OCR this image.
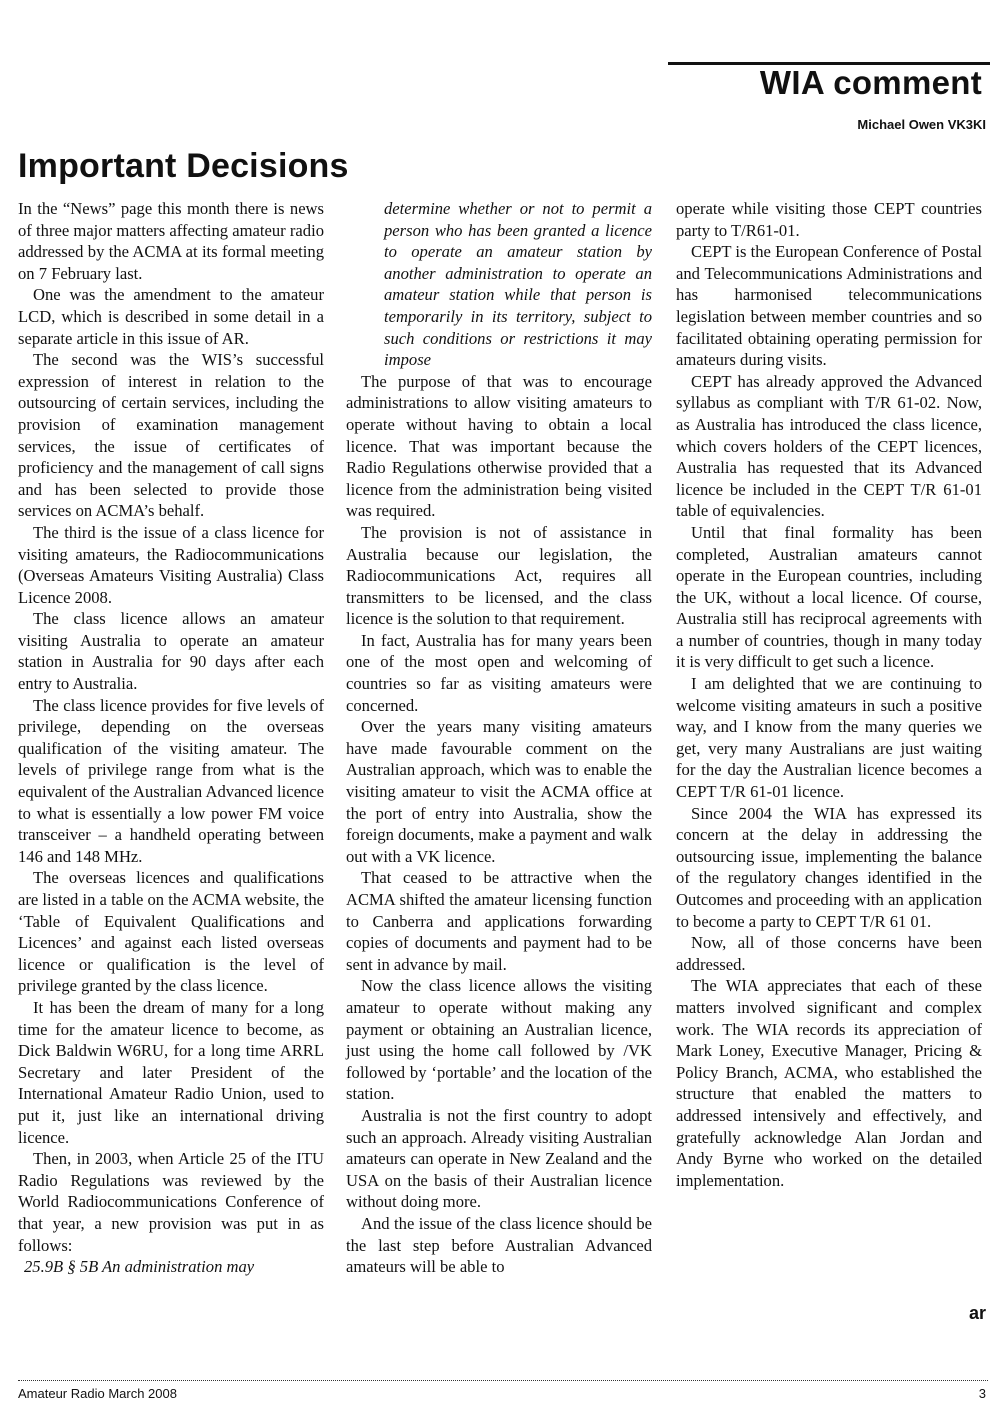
WIA comment
Michael Owen VK3KI
Important Decisions

In the “News” page this month there is news of three major matters affecting amateur radio addressed by the ACMA at its formal meeting on 7 February last.

One was the amendment to the amateur LCD, which is described in some detail in a separate article in this issue of AR.

The second was the WIS’s successful expression of interest in relation to the outsourcing of certain services, including the provision of examination management services, the issue of certificates of proficiency and the management of call signs and has been selected to provide those services on ACMA’s behalf.

The third is the issue of a class licence for visiting amateurs, the Radiocommunications (Overseas Amateurs Visiting Australia) Class Licence 2008.

The class licence allows an amateur visiting Australia to operate an amateur station in Australia for 90 days after each entry to Australia.

The class licence provides for five levels of privilege, depending on the overseas qualification of the visiting amateur. The levels of privilege range from what is the equivalent of the Australian Advanced licence to what is essentially a low power FM voice transceiver – a handheld operating between 146 and 148 MHz.

The overseas licences and qualifications are listed in a table on the ACMA website, the ‘Table of Equivalent Qualifications and Licences’ and against each listed overseas licence or qualification is the level of privilege granted by the class licence.

It has been the dream of many for a long time for the amateur licence to become, as Dick Baldwin W6RU, for a long time ARRL Secretary and later President of the International Amateur Radio Union, used to put it, just like an international driving licence.

Then, in 2003, when Article 25 of the ITU Radio Regulations was reviewed by the World Radiocommunications Conference of that year, a new provision was put in as follows:

25.9B § 5B An administration may

determine whether or not to permit a person who has been granted a licence to operate an amateur station by another administration to operate an amateur station while that person is temporarily in its territory, subject to such conditions or restrictions it may impose

The purpose of that was to encourage administrations to allow visiting amateurs to operate without having to obtain a local licence. That was important because the Radio Regulations otherwise provided that a licence from the administration being visited was required.

The provision is not of assistance in Australia because our legislation, the Radiocommunications Act, requires all transmitters to be licensed, and the class licence is the solution to that requirement.

In fact, Australia has for many years been one of the most open and welcoming of countries so far as visiting amateurs were concerned.

Over the years many visiting amateurs have made favourable comment on the Australian approach, which was to enable the visiting amateur to visit the ACMA office at the port of entry into Australia, show the foreign documents, make a payment and walk out with a VK licence.

That ceased to be attractive when the ACMA shifted the amateur licensing function to Canberra and applications forwarding copies of documents and payment had to be sent in advance by mail.

Now the class licence allows the visiting amateur to operate without making any payment or obtaining an Australian licence, just using the home call followed by /VK followed by ‘portable’ and the location of the station.

Australia is not the first country to adopt such an approach. Already visiting Australian amateurs can operate in New Zealand and the USA on the basis of their Australian licence without doing more.

And the issue of the class licence should be the last step before Australian Advanced amateurs will be able to

operate while visiting those CEPT countries party to T/R61-01.

CEPT is the European Conference of Postal and Telecommunications Administrations and has harmonised telecommunications legislation between member countries and so facilitated obtaining operating permission for amateurs during visits.

CEPT has already approved the Advanced syllabus as compliant with T/R 61-02. Now, as Australia has introduced the class licence, which covers holders of the CEPT licences, Australia has requested that its Advanced licence be included in the CEPT T/R 61-01 table of equivalencies.

Until that final formality has been completed, Australian amateurs cannot operate in the European countries, including the UK, without a local licence. Of course, Australia still has reciprocal agreements with a number of countries, though in many today it is very difficult to get such a licence.

I am delighted that we are continuing to welcome visiting amateurs in such a positive way, and I know from the many queries we get, very many Australians are just waiting for the day the Australian licence becomes a CEPT T/R 61-01 licence.

Since 2004 the WIA has expressed its concern at the delay in addressing the outsourcing issue, implementing the balance of the regulatory changes identified in the Outcomes and proceeding with an application to become a party to CEPT T/R 61 01.

Now, all of those concerns have been addressed.

The WIA appreciates that each of these matters involved significant and complex work. The WIA records its appreciation of Mark Loney, Executive Manager, Pricing & Policy Branch, ACMA, who established the structure that enabled the matters to addressed intensively and effectively, and gratefully acknowledge Alan Jordan and Andy Byrne who worked on the detailed implementation.

ar
Amateur Radio March 2008	3
